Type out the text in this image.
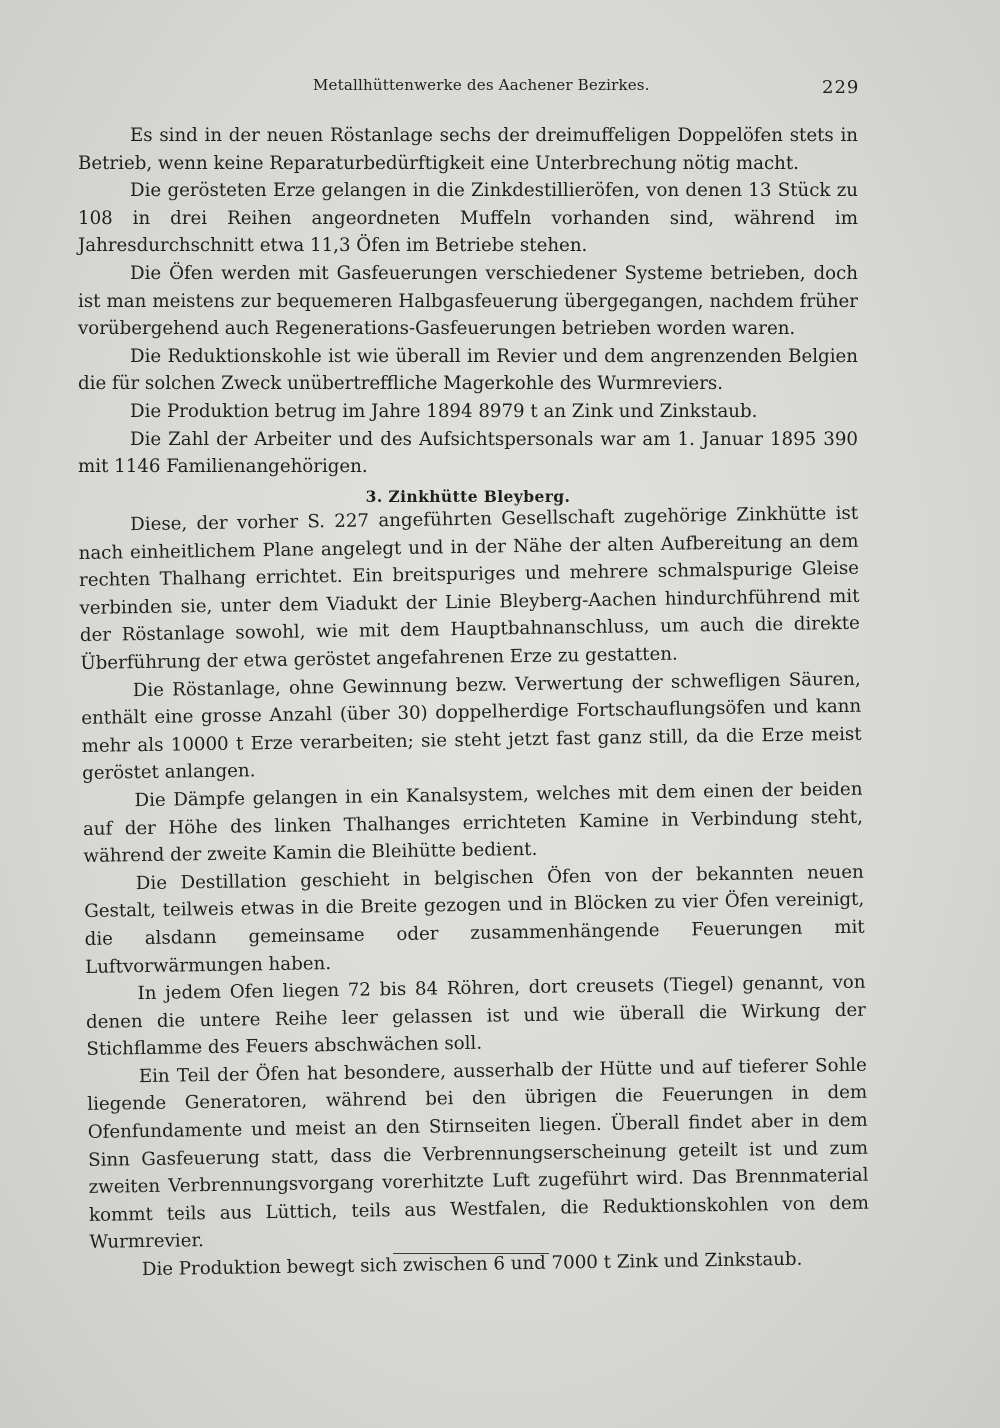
Metallhüttenwerke des Aachener Bezirkes.	229

Es sind in der neuen Röstanlage sechs der dreimuffeligen Doppelöfen stets in Betrieb, wenn keine Reparaturbedürftigkeit eine Unterbrechung nötig macht.

Die gerösteten Erze gelangen in die Zinkdestillieröfen, von denen 13 Stück zu 108 in drei Reihen angeordneten Muffeln vorhanden sind, während im Jahresdurchschnitt etwa 11,3 Öfen im Betriebe stehen.

Die Öfen werden mit Gasfeuerungen verschiedener Systeme betrieben, doch ist man meistens zur bequemeren Halbgasfeuerung übergegangen, nachdem früher vorübergehend auch Regenerations-Gasfeuerungen betrieben worden waren.

Die Reduktionskohle ist wie überall im Revier und dem angrenzenden Belgien die für solchen Zweck unübertreffliche Magerkohle des Wurmreviers.

Die Produktion betrug im Jahre 1894 8979 t an Zink und Zinkstaub.

Die Zahl der Arbeiter und des Aufsichtspersonals war am 1. Januar 1895 390 mit 1146 Familienangehörigen.

3. Zinkhütte Bleyberg.

Diese, der vorher S. 227 angeführten Gesellschaft zugehörige Zinkhütte ist nach einheitlichem Plane angelegt und in der Nähe der alten Aufbereitung an dem rechten Thalhang errichtet. Ein breitspuriges und mehrere schmalspurige Gleise verbinden sie, unter dem Viadukt der Linie Bleyberg-Aachen hindurchführend mit der Röstanlage sowohl, wie mit dem Hauptbahnanschluss, um auch die direkte Überführung der etwa geröstet angefahrenen Erze zu gestatten.

Die Röstanlage, ohne Gewinnung bezw. Verwertung der schwefligen Säuren, enthält eine grosse Anzahl (über 30) doppelherdige Fortschauflungsöfen und kann mehr als 10000 t Erze verarbeiten; sie steht jetzt fast ganz still, da die Erze meist geröstet anlangen.

Die Dämpfe gelangen in ein Kanalsystem, welches mit dem einen der beiden auf der Höhe des linken Thalhanges errichteten Kamine in Verbindung steht, während der zweite Kamin die Bleihütte bedient.

Die Destillation geschieht in belgischen Öfen von der bekannten neuen Gestalt, teilweis etwas in die Breite gezogen und in Blöcken zu vier Öfen vereinigt, die alsdann gemeinsame oder zusammenhängende Feuerungen mit Luftvorwärmungen haben.

In jedem Ofen liegen 72 bis 84 Röhren, dort creusets (Tiegel) genannt, von denen die untere Reihe leer gelassen ist und wie überall die Wirkung der Stichflamme des Feuers abschwächen soll.

Ein Teil der Öfen hat besondere, ausserhalb der Hütte und auf tieferer Sohle liegende Generatoren, während bei den übrigen die Feuerungen in dem Ofenfundamente und meist an den Stirnseiten liegen. Überall findet aber in dem Sinn Gasfeuerung statt, dass die Verbrennungserscheinung geteilt ist und zum zweiten Verbrennungsvorgang vorerhitzte Luft zugeführt wird. Das Brennmaterial kommt teils aus Lüttich, teils aus Westfalen, die Reduktionskohlen von dem Wurmrevier.

Die Produktion bewegt sich zwischen 6 und 7000 t Zink und Zinkstaub.
